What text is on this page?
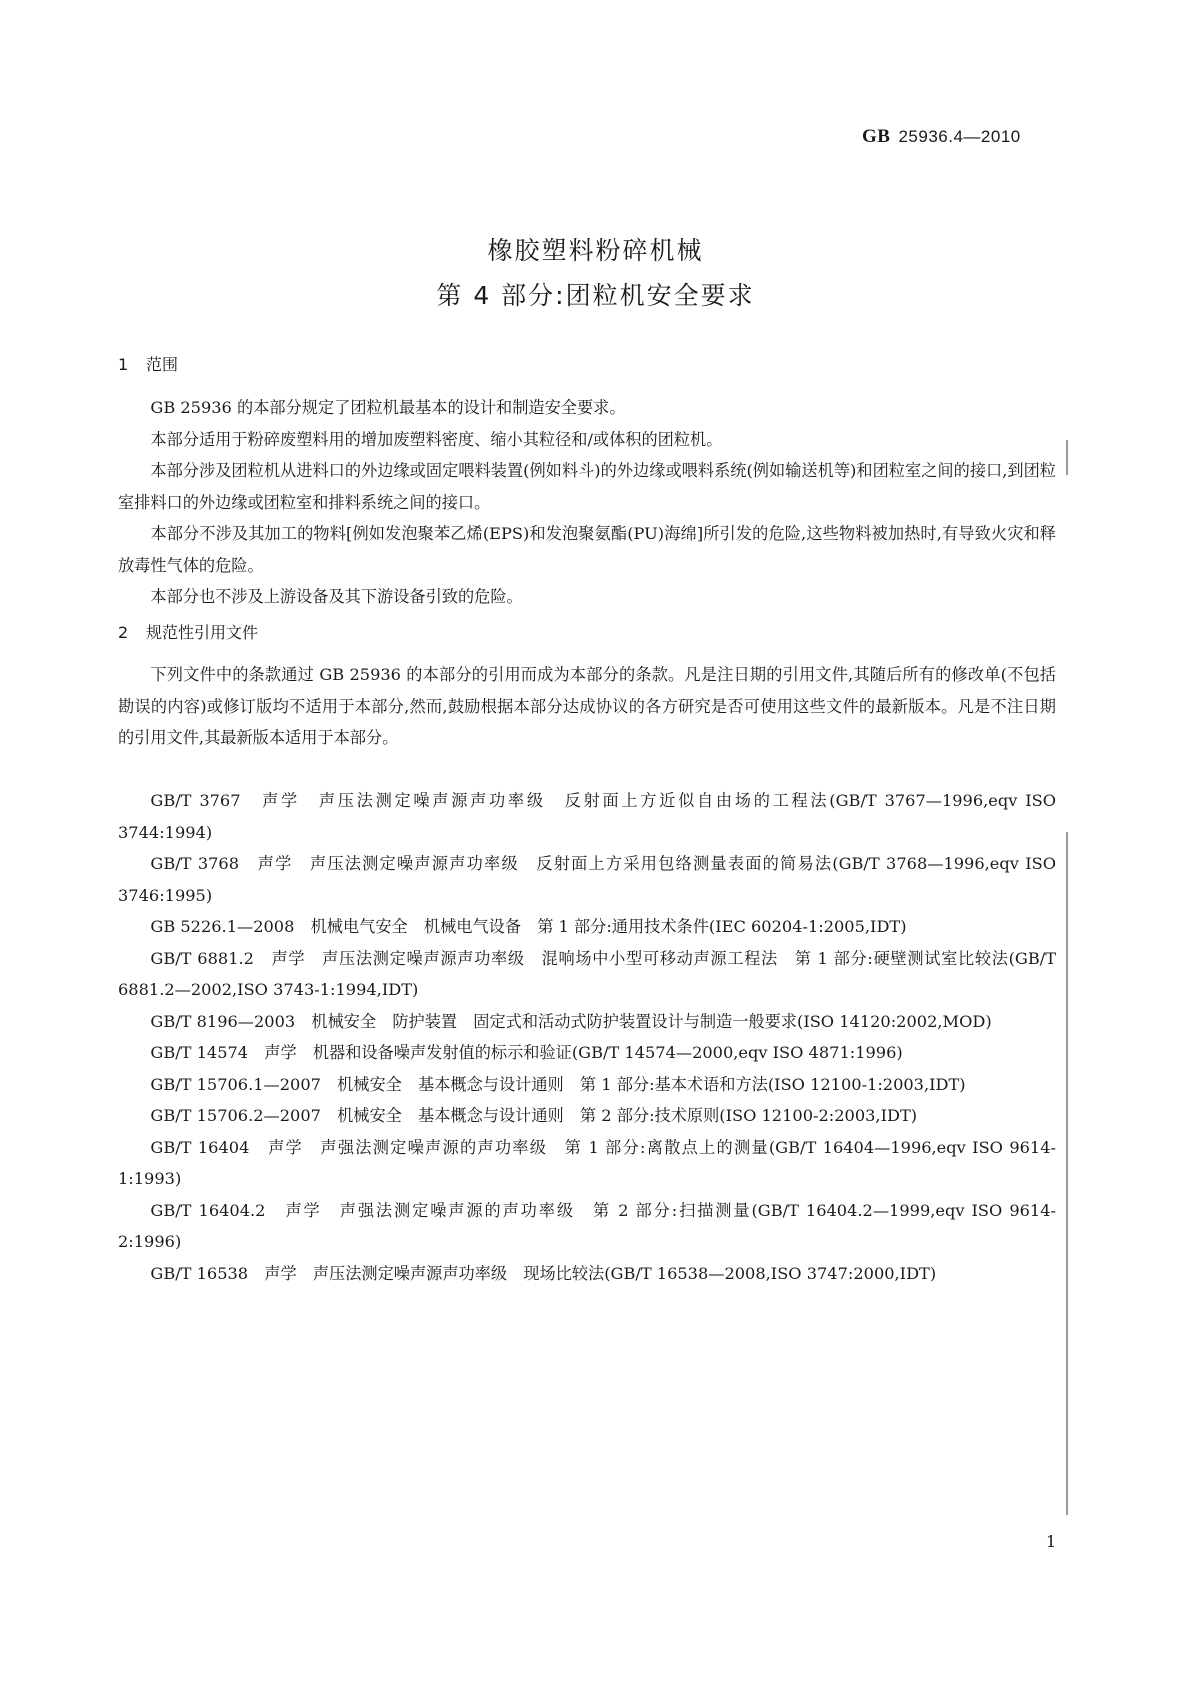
GB 25936.4—2010
橡胶塑料粉碎机械
第 4 部分:团粒机安全要求
1 范围

GB 25936 的本部分规定了团粒机最基本的设计和制造安全要求。

本部分适用于粉碎废塑料用的增加废塑料密度、缩小其粒径和/或体积的团粒机。

本部分涉及团粒机从进料口的外边缘或固定喂料装置(例如料斗)的外边缘或喂料系统(例如输送机等)和团粒室之间的接口,到团粒室排料口的外边缘或团粒室和排料系统之间的接口。

本部分不涉及其加工的物料[例如发泡聚苯乙烯(EPS)和发泡聚氨酯(PU)海绵]所引发的危险,这些物料被加热时,有导致火灾和释放毒性气体的危险。

本部分也不涉及上游设备及其下游设备引致的危险。

2 规范性引用文件

下列文件中的条款通过 GB 25936 的本部分的引用而成为本部分的条款。凡是注日期的引用文件,其随后所有的修改单(不包括勘误的内容)或修订版均不适用于本部分,然而,鼓励根据本部分达成协议的各方研究是否可使用这些文件的最新版本。凡是不注日期的引用文件,其最新版本适用于本部分。

GB/T 3767　声学　声压法测定噪声源声功率级　反射面上方近似自由场的工程法(GB/T 3767—1996,eqv ISO 3744:1994)

GB/T 3768　声学　声压法测定噪声源声功率级　反射面上方采用包络测量表面的简易法(GB/T 3768—1996,eqv ISO 3746:1995)

GB 5226.1—2008　机械电气安全　机械电气设备　第 1 部分:通用技术条件(IEC 60204-1:2005,IDT)

GB/T 6881.2　声学　声压法测定噪声源声功率级　混响场中小型可移动声源工程法　第 1 部分:硬壁测试室比较法(GB/T 6881.2—2002,ISO 3743-1:1994,IDT)

GB/T 8196—2003　机械安全　防护装置　固定式和活动式防护装置设计与制造一般要求(ISO 14120:2002,MOD)

GB/T 14574　声学　机器和设备噪声发射值的标示和验证(GB/T 14574—2000,eqv ISO 4871:1996)

GB/T 15706.1—2007　机械安全　基本概念与设计通则　第 1 部分:基本术语和方法(ISO 12100-1:2003,IDT)

GB/T 15706.2—2007　机械安全　基本概念与设计通则　第 2 部分:技术原则(ISO 12100-2:2003,IDT)

GB/T 16404　声学　声强法测定噪声源的声功率级　第 1 部分:离散点上的测量(GB/T 16404—1996,eqv ISO 9614-1:1993)

GB/T 16404.2　声学　声强法测定噪声源的声功率级　第 2 部分:扫描测量(GB/T 16404.2—1999,eqv ISO 9614-2:1996)

GB/T 16538　声学　声压法测定噪声源声功率级　现场比较法(GB/T 16538—2008,ISO 3747:2000,IDT)

1
